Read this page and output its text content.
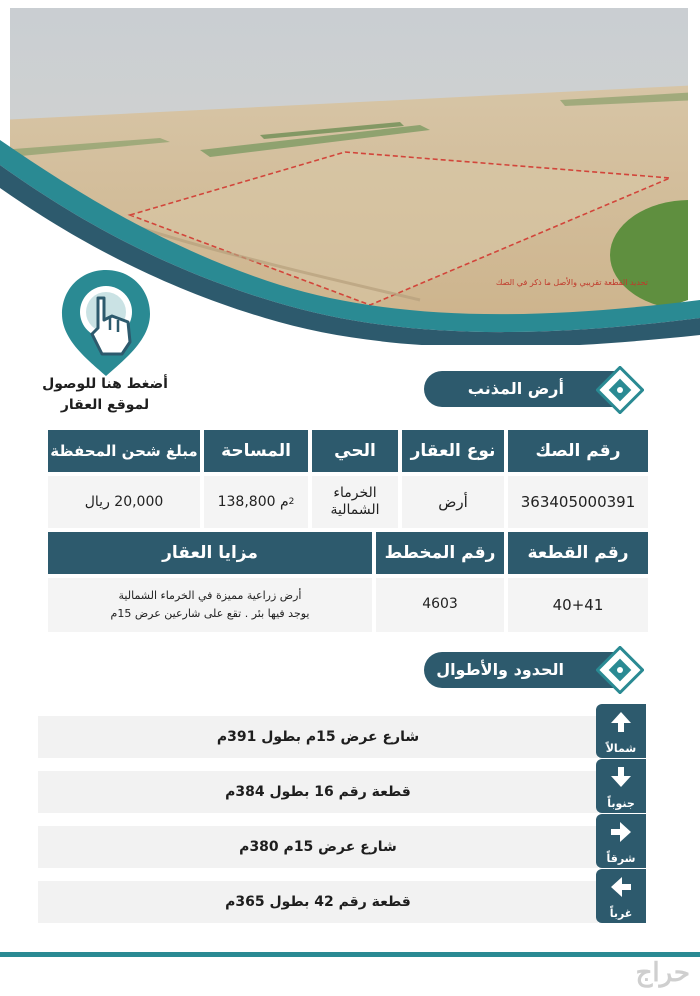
تحديد القطعة تقريبي والأصل ما ذكر في الصك
أضغط هنا للوصول
لموقع العقار
أرض المذنب
رقم الصك
نوع العقار
الحي
المساحة
مبلغ شحن المحفظة
363405000391
أرض
الخرماء
الشمالية
138,800
م 2
20,000 ريال
رقم القطعة
رقم المخطط
مزايا العقار
40+41
4603
أرض زراعية مميزة في الخرماء الشمالية
يوجد فيها بئر . تقع على شارعين عرض 15م
الحدود والأطوال
شارع عرض 15م بطول 391م
شمالاً
قطعة رقم 16 بطول 384م
جنوباً
شارع عرض 15م 380م
شرقاً
قطعة رقم 42 بطول 365م
غرباً
حراج
